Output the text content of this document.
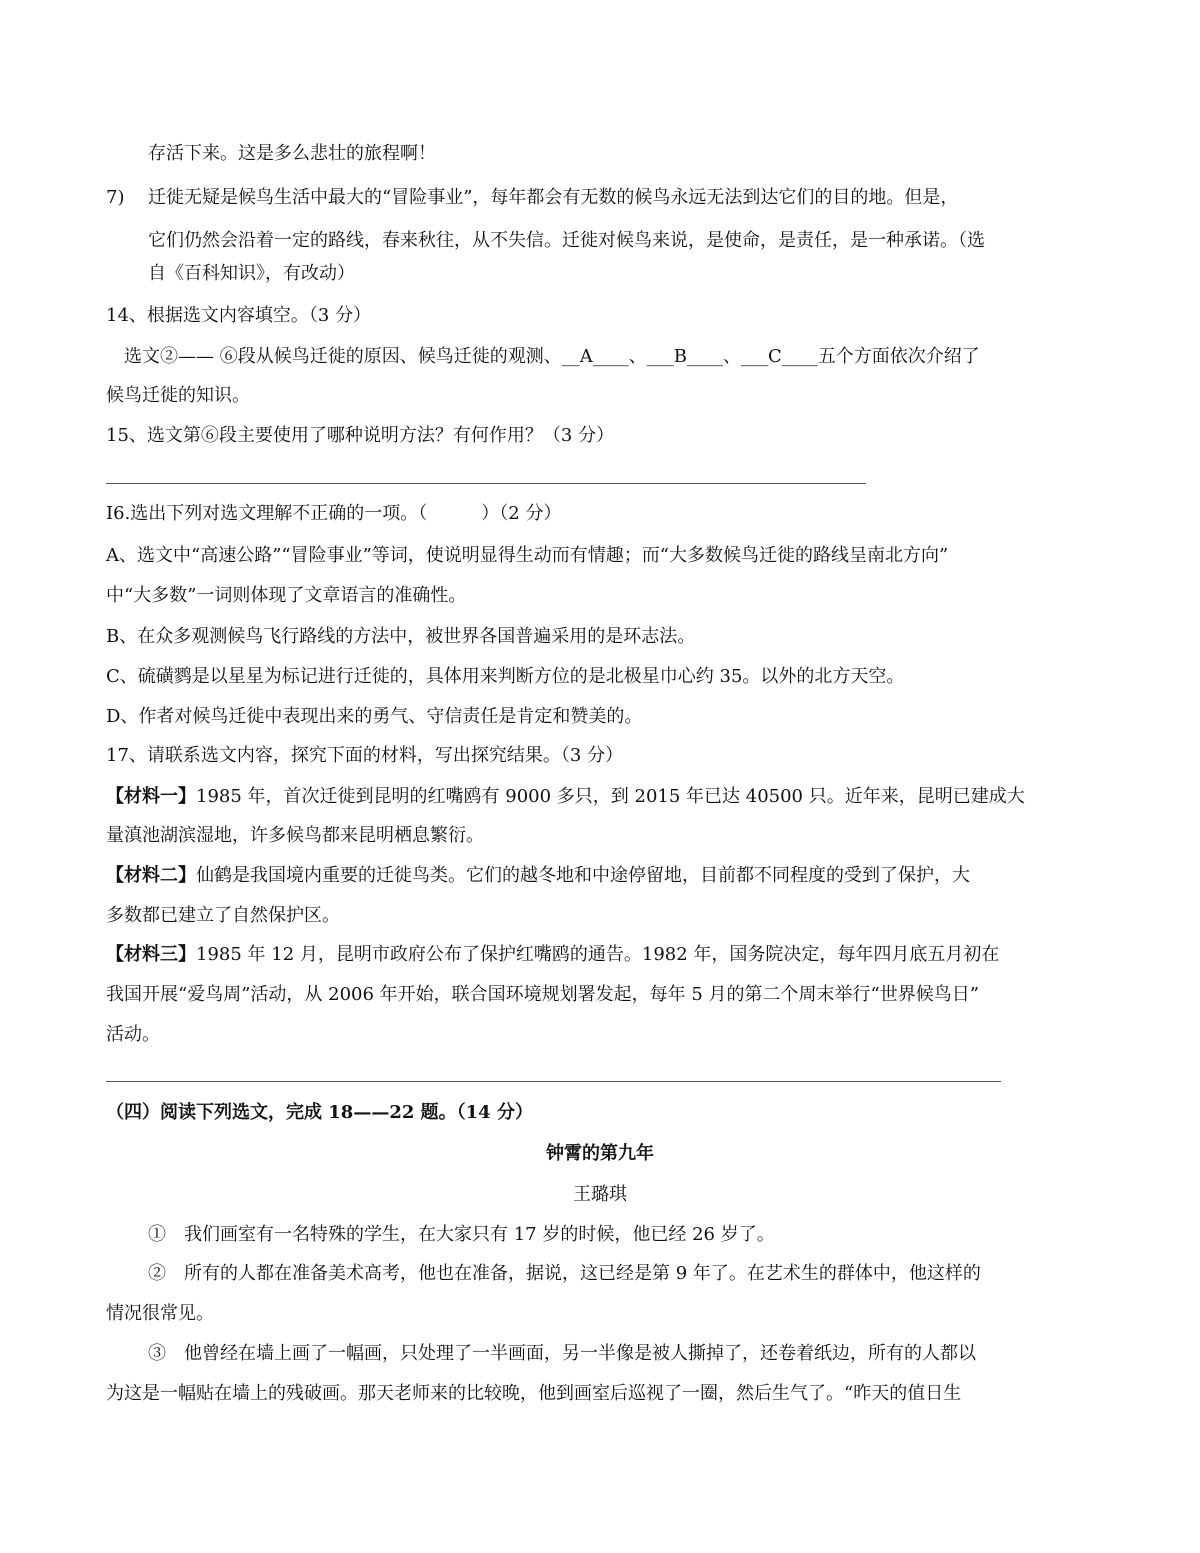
存活下来。这是多么悲壮的旅程啊！
7) 迁徙无疑是候鸟生活中最大的“冒险事业”，每年都会有无数的候鸟永远无法到达它们的目的地。但是，
它们仍然会沿着一定的路线，春来秋往，从不失信。迁徙对候鸟来说，是使命，是责任，是一种承诺。（选
自《百科知识》，有改动）
14、根据选文内容填空。（3 分）
选文②—— ⑥段从候鸟迁徙的原因、候鸟迁徙的观测、__A____、___B____、___C____五个方面依次介绍了
候鸟迁徙的知识。
15、选文第⑥段主要使用了哪种说明方法？有何作用？（3 分）
I6.选出下列对选文理解不正确的一项。（　　　）（2 分）
A、选文中“高速公路”“冒险事业”等词，使说明显得生动而有情趣；而“大多数候鸟迁徙的路线呈南北方向”
中“大多数”一词则体现了文章语言的准确性。
B、在众多观测候鸟飞行路线的方法中，被世界各国普遍采用的是环志法。
C、硫磺鹨是以星星为标记进行迁徙的，具体用来判断方位的是北极星巾心约 35。以外的北方天空。
D、作者对候鸟迁徙中表现出来的勇气、守信责任是肯定和赞美的。
17、请联系选文内容，探究下面的材料，写出探究结果。（3 分）
【材料一】1985 年，首次迁徙到昆明的红嘴鸥有 9000 多只，到 2015 年已达 40500 只。近年来，昆明已建成大
量滇池湖滨湿地，许多候鸟都来昆明栖息繁衍。
【材料二】仙鹤是我国境内重要的迁徙鸟类。它们的越冬地和中途停留地，目前都不同程度的受到了保护，大
多数都已建立了自然保护区。
【材料三】1985 年 12 月，昆明市政府公布了保护红嘴鸥的通告。1982 年，国务院决定，每年四月底五月初在
我国开展“爱鸟周”活动，从 2006 年开始，联合国环境规划署发起，每年 5 月的第二个周末举行“世界候鸟日”
活动。
（四）阅读下列选文，完成 18——22 题。（14 分）
钟霄的第九年
王璐琪
①　我们画室有一名特殊的学生，在大家只有 17 岁的时候，他已经 26 岁了。
②　所有的人都在准备美术高考，他也在准备，据说，这已经是第 9 年了。在艺术生的群体中，他这样的
情况很常见。
③　他曾经在墙上画了一幅画，只处理了一半画面，另一半像是被人撕掉了，还卷着纸边，所有的人都以
为这是一幅贴在墙上的残破画。那天老师来的比较晚，他到画室后巡视了一圈，然后生气了。“昨天的值日生
